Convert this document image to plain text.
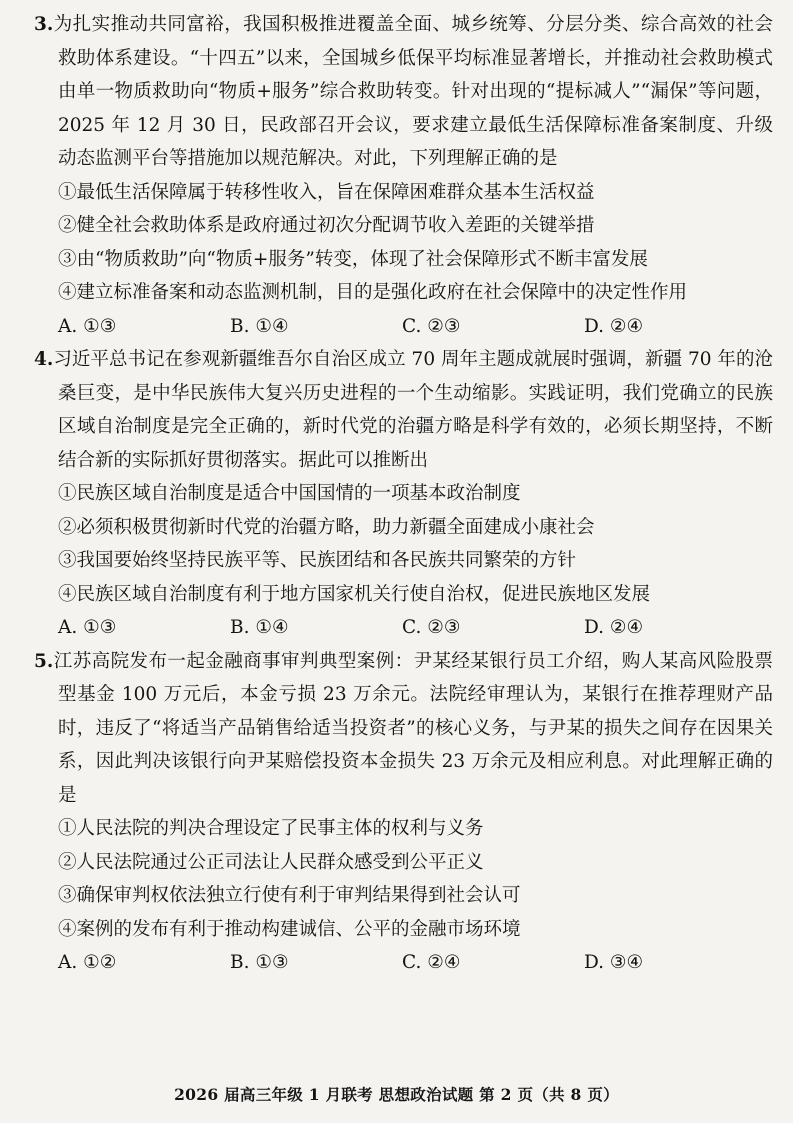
3.为扎实推动共同富裕，我国积极推进覆盖全面、城乡统筹、分层分类、综合高效的社会救助体系建设。“十四五”以来，全国城乡低保平均标准显著增长，并推动社会救助模式由单一物质救助向“物质+服务”综合救助转变。针对出现的“提标减人”“漏保”等问题，2025 年 12 月 30 日，民政部召开会议，要求建立最低生活保障标准备案制度、升级动态监测平台等措施加以规范解决。对此，下列理解正确的是

①最低生活保障属于转移性收入，旨在保障困难群众基本生活权益

②健全社会救助体系是政府通过初次分配调节收入差距的关键举措

③由“物质救助”向“物质+服务”转变，体现了社会保障形式不断丰富发展

④建立标准备案和动态监测机制，目的是强化政府在社会保障中的决定性作用

A. ①③	B. ①④	C. ②③	D. ②④

4.习近平总书记在参观新疆维吾尔自治区成立 70 周年主题成就展时强调，新疆 70 年的沧桑巨变，是中华民族伟大复兴历史进程的一个生动缩影。实践证明，我们党确立的民族区域自治制度是完全正确的，新时代党的治疆方略是科学有效的，必须长期坚持，不断结合新的实际抓好贯彻落实。据此可以推断出

①民族区域自治制度是适合中国国情的一项基本政治制度

②必须积极贯彻新时代党的治疆方略，助力新疆全面建成小康社会

③我国要始终坚持民族平等、民族团结和各民族共同繁荣的方针

④民族区域自治制度有利于地方国家机关行使自治权，促进民族地区发展

A. ①③	B. ①④	C. ②③	D. ②④

5.江苏高院发布一起金融商事审判典型案例：尹某经某银行员工介绍，购人某高风险股票型基金 100 万元后，本金亏损 23 万余元。法院经审理认为，某银行在推荐理财产品时，违反了“将适当产品销售给适当投资者”的核心义务，与尹某的损失之间存在因果关系，因此判决该银行向尹某赔偿投资本金损失 23 万余元及相应利息。对此理解正确的是

①人民法院的判决合理设定了民事主体的权利与义务

②人民法院通过公正司法让人民群众感受到公平正义

③确保审判权依法独立行使有利于审判结果得到社会认可

④案例的发布有利于推动构建诚信、公平的金融市场环境

A. ①②	B. ①③	C. ②④	D. ③④
2026 届高三年级 1 月联考 思想政治试题 第 2 页（共 8 页）
